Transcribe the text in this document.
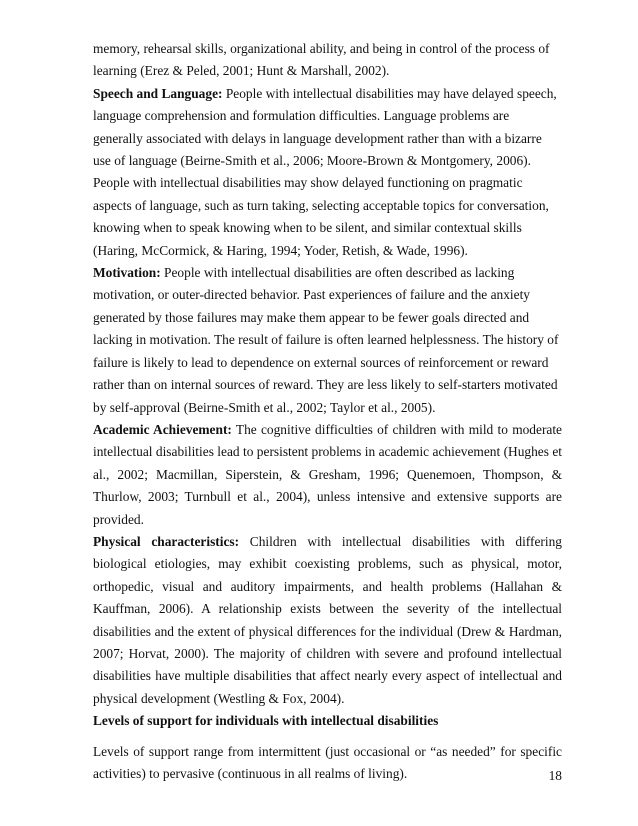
memory, rehearsal skills, organizational ability, and being in control of the process of learning (Erez & Peled, 2001; Hunt & Marshall, 2002).

Speech and Language: People with intellectual disabilities may have delayed speech, language comprehension and formulation difficulties. Language problems are generally associated with delays in language development rather than with a bizarre use of language (Beirne-Smith et al., 2006; Moore-Brown & Montgomery, 2006). People with intellectual disabilities may show delayed functioning on pragmatic aspects of language, such as turn taking, selecting acceptable topics for conversation, knowing when to speak knowing when to be silent, and similar contextual skills (Haring, McCormick, & Haring, 1994; Yoder, Retish, & Wade, 1996).

Motivation: People with intellectual disabilities are often described as lacking motivation, or outer-directed behavior. Past experiences of failure and the anxiety generated by those failures may make them appear to be fewer goals directed and lacking in motivation. The result of failure is often learned helplessness. The history of failure is likely to lead to dependence on external sources of reinforcement or reward rather than on internal sources of reward. They are less likely to self-starters motivated by self-approval (Beirne-Smith et al., 2002; Taylor et al., 2005).

Academic Achievement: The cognitive difficulties of children with mild to moderate intellectual disabilities lead to persistent problems in academic achievement (Hughes et al., 2002; Macmillan, Siperstein, & Gresham, 1996; Quenemoen, Thompson, & Thurlow, 2003; Turnbull et al., 2004), unless intensive and extensive supports are provided.

Physical characteristics: Children with intellectual disabilities with differing biological etiologies, may exhibit coexisting problems, such as physical, motor, orthopedic, visual and auditory impairments, and health problems (Hallahan & Kauffman, 2006). A relationship exists between the severity of the intellectual disabilities and the extent of physical differences for the individual (Drew & Hardman, 2007; Horvat, 2000). The majority of children with severe and profound intellectual disabilities have multiple disabilities that affect nearly every aspect of intellectual and physical development (Westling & Fox, 2004).

Levels of support for individuals with intellectual disabilities

Levels of support range from intermittent (just occasional or “as needed” for specific activities) to pervasive (continuous in all realms of living).	18
